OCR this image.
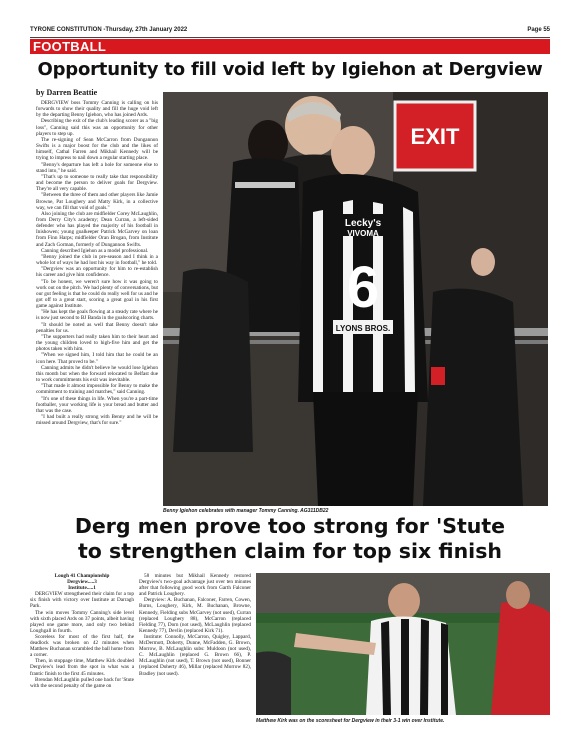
TYRONE CONSTITUTION -Thursday, 27th January 2022	Page 55
FOOTBALL
Opportunity to fill void left by Igiehon at Dergview
by Darren Beattie

DERGVIEW boss Tommy Canning is calling on his forwards to show their quality and fill the huge void left by the departing Benny Igiehon, who has joined Ards.

Describing the exit of the club's leading scorer as a "big loss", Canning said this was an opportunity for other players to step up.

The re-signing of Sean McCarron from Dungannon Swifts is a major boost for the club and the likes of himself, Cathal Farren and Mikhail Kennedy will be trying to impress to nail down a regular starting place.

"Benny's departure has left a hole for someone else to stand into," he said.

"That's up to someone to really take that responsibility and become the person to deliver goals for Dergview. They're all very capable.

"Between the three of them and other players like Jamie Browne, Pat Loughery and Matty Kirk, in a collective way, we can fill that void of goals."

Also joining the club are midfielder Corey McLaughlin, from Derry City's academy; Dean Curran, a left-sided defender who has played the majority of his football in Inishowen; young goalkeeper Patrick McGarvey on loan from Finn Harps; midfielder Oran Brogan, from Institute and Zach Gorman, formerly of Dungannon Swifts.

Canning described Igiehon as a model professional.

"Benny joined the club in pre-season and I think in a whole lot of ways he had lost his way in football," he told.

"Dergview was an opportunity for him to re-establish his career and give him confidence.

"To be honest, we weren't sure how it was going to work out on the pitch. We had plenty of conversations, but our gut feeling is that he could do really well for us and he got off to a great start, scoring a great goal in his first game against Institute.

"He has kept the goals flowing at a steady rate where he is now just second to BJ Banda in the goalscoring charts.

"It should be noted as well that Benny doesn't take penalties for us.

"The supporters had really taken him to their heart and the young children loved to high-five him and get the photos taken with him.

"When we signed him, I told him that he could be an icon here. That proved to be."

Canning admits he didn't believe he would lose Igiehon this month but when the forward relocated to Belfast due to work commitments his exit was inevitable.

"That made it almost impossible for Benny to make the commitment to training and matches," said Canning.

"It's one of these things in life. When you're a part-time footballer, your working life is your bread and butter and that was the case.

"I had built a really strong with Benny and he will be missed around Dergview, that's for sure."

EXIT
Lecky's
VIVOMA
6
LYONS BROS.
Benny Igiehon celebrates with manager Tommy Canning. AG311DB22
Derg men prove too strong for 'Stute
to strengthen claim for top six finish

Lough 41 Championship

Dergview.....3

Institute.....1

DERGVIEW strengthened their claim for a top six finish with victory over Institute at Darragh Park.

The win moves Tommy Canning's side level with sixth placed Ards on 37 points, albeit having played one game more, and only two behind Loughgall in fourth.

Scoreless for most of the first half, the deadlock was broken on 42 minutes when Matthew Buchanan scrambled the ball home from a corner.

Then, in stoppage time, Matthew Kirk doubled Dergview's lead from the spot in what was a frantic finish to the first 45 minutes.

Brendan McLaughlin pulled one back for 'Stute with the second penalty of the game on

58 minutes but Mikhail Kennedy restored Dergview's two-goal advantage just over ten minutes after that following good work from Garth Falconer and Patrick Loughery.

Dergview: A. Buchanan, Falconer, Farren, Cowen, Burns, Loughery, Kirk, M. Buchanan, Browne, Kennedy, Fielding subs McGarvey (not used), Curran (replaced Loughery 88), McCarron (replaced Fielding 77), Dorn (not used), McLaughlin (replaced Kennedy 77), Devlin (replaced Kirk 71).

Institute: Connolly, McCarron, Quigley, Lappard, McDermott, Doherty, Dunne, McFadden, G. Brown, Morrow, B. McLaughlin subs: Muldoon (not used), C. McLaughlin (replaced G. Brown 66), P. McLaughlin (not used), T. Brown (not used), Bonner (replaced Doherty 46), Millar (replaced Morrow 82), Bradley (not used).

Matthew Kirk was on the scoresheet for Dergview in their 3-1 win over Institute.
